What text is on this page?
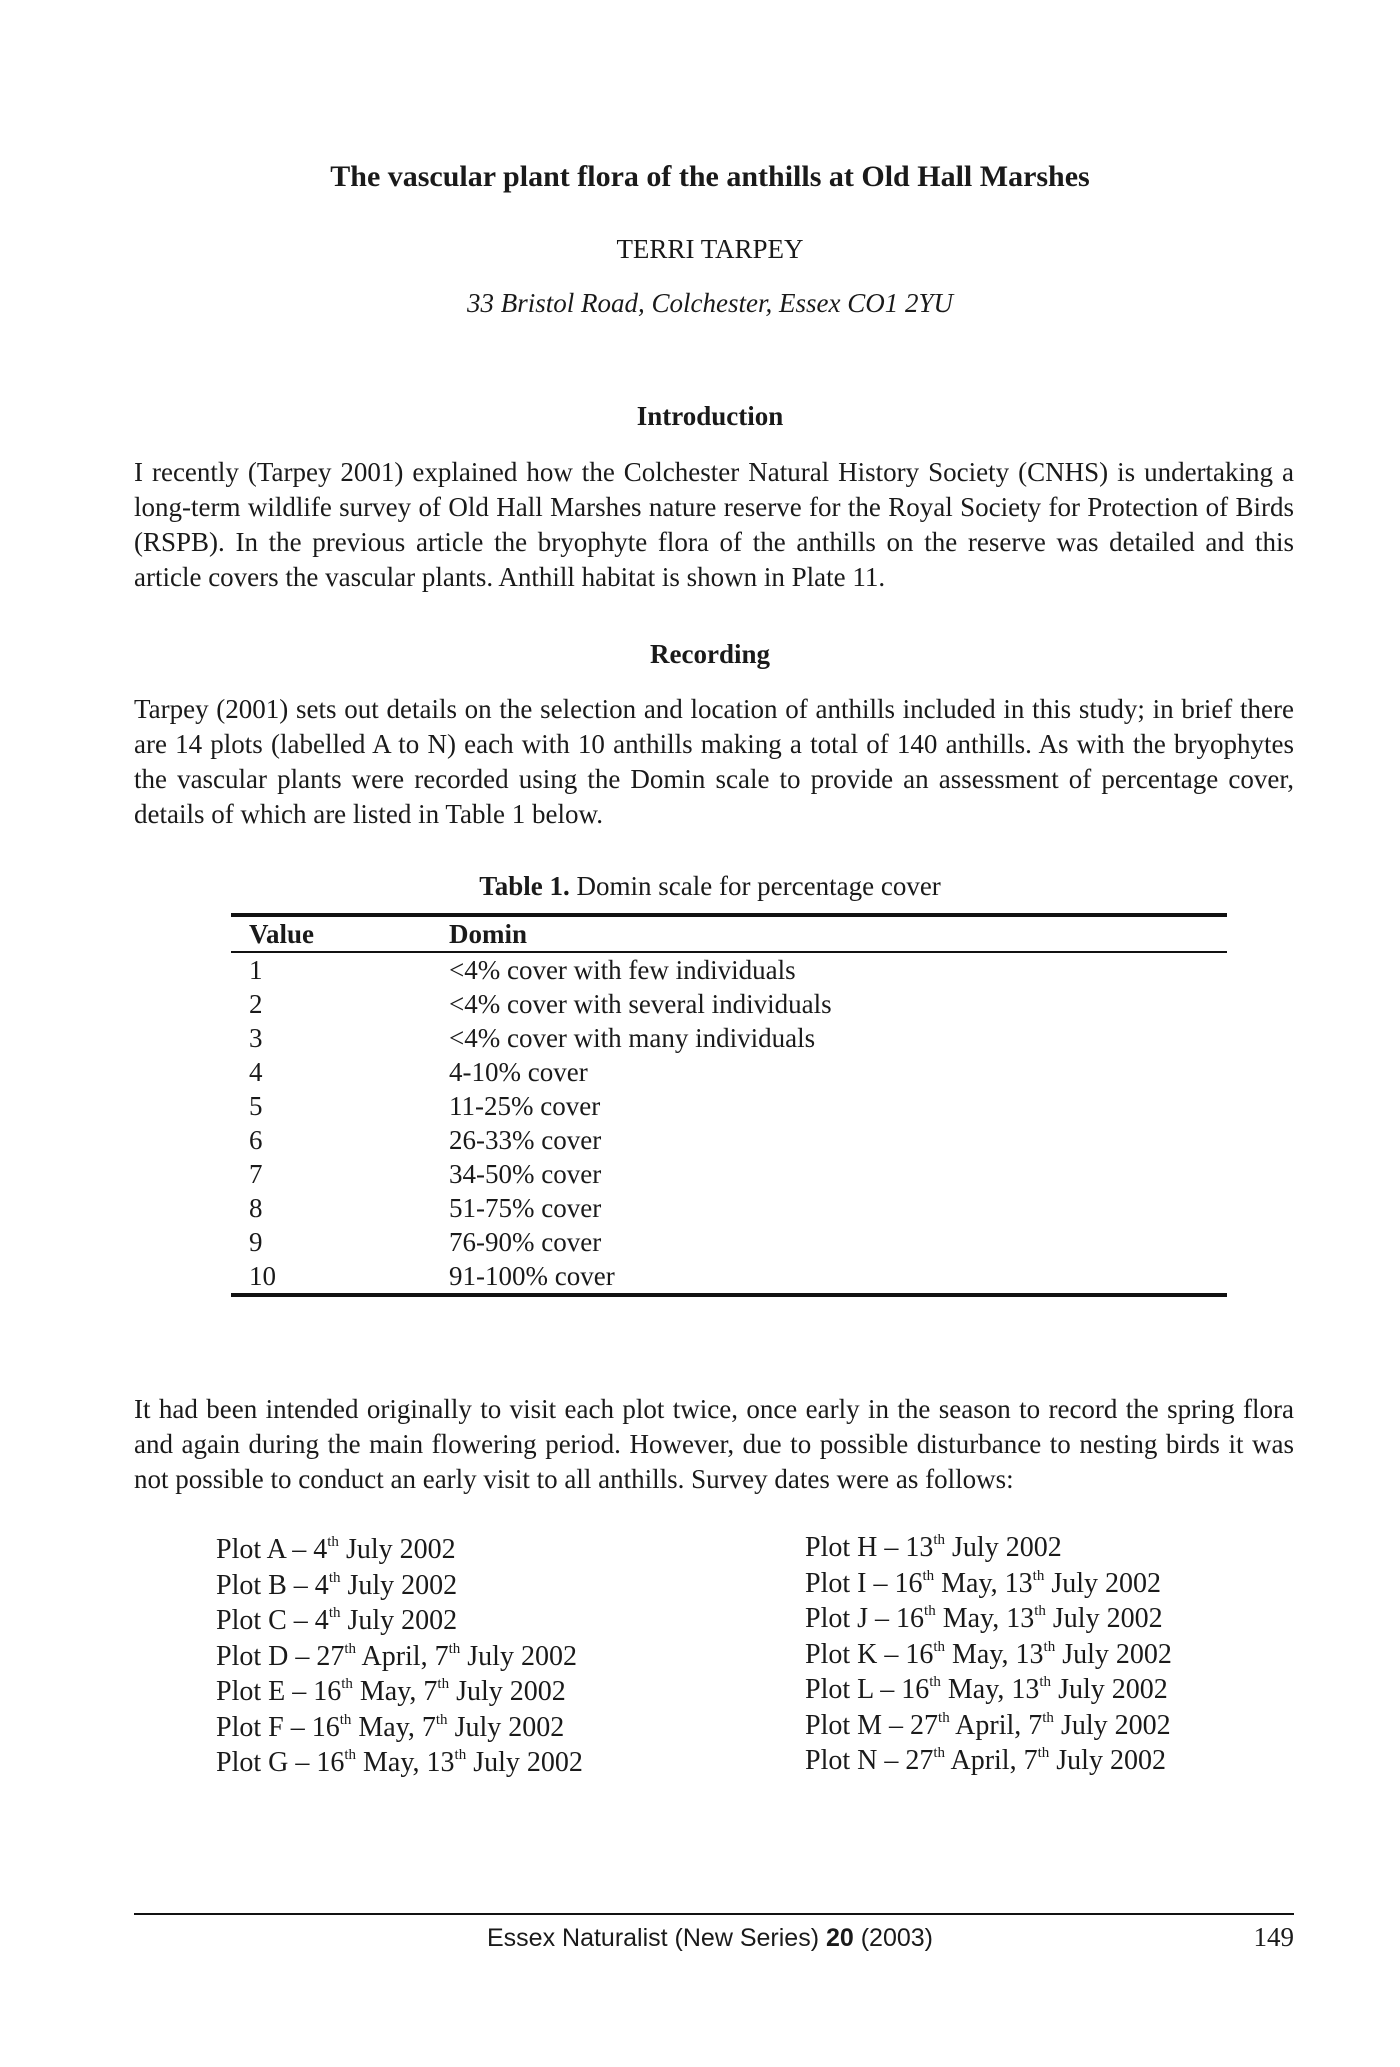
The vascular plant flora of the anthills at Old Hall Marshes
TERRI TARPEY
33 Bristol Road, Colchester, Essex CO1 2YU
Introduction
I recently (Tarpey 2001) explained how the Colchester Natural History Society (CNHS) is undertaking a long-term wildlife survey of Old Hall Marshes nature reserve for the Royal Society for Protection of Birds (RSPB). In the previous article the bryophyte flora of the anthills on the reserve was detailed and this article covers the vascular plants. Anthill habitat is shown in Plate 11.
Recording
Tarpey (2001) sets out details on the selection and location of anthills included in this study; in brief there are 14 plots (labelled A to N) each with 10 anthills making a total of 140 anthills. As with the bryophytes the vascular plants were recorded using the Domin scale to provide an assessment of percentage cover, details of which are listed in Table 1 below.
Table 1. Domin scale for percentage cover
Value	Domin
1	<4% cover with few individuals
2	<4% cover with several individuals
3	<4% cover with many individuals
4	4-10% cover
5	11-25% cover
6	26-33% cover
7	34-50% cover
8	51-75% cover
9	76-90% cover
10	91-100% cover
It had been intended originally to visit each plot twice, once early in the season to record the spring flora and again during the main flowering period. However, due to possible disturbance to nesting birds it was not possible to conduct an early visit to all anthills. Survey dates were as follows:
Plot A – 4th July 2002
Plot B – 4th July 2002
Plot C – 4th July 2002
Plot D – 27th April, 7th July 2002
Plot E – 16th May, 7th July 2002
Plot F – 16th May, 7th July 2002
Plot G – 16th May, 13th July 2002
Plot H – 13th July 2002
Plot I – 16th May, 13th July 2002
Plot J – 16th May, 13th July 2002
Plot K – 16th May, 13th July 2002
Plot L – 16th May, 13th July 2002
Plot M – 27th April, 7th July 2002
Plot N – 27th April, 7th July 2002
Essex Naturalist (New Series) 20 (2003)	149
